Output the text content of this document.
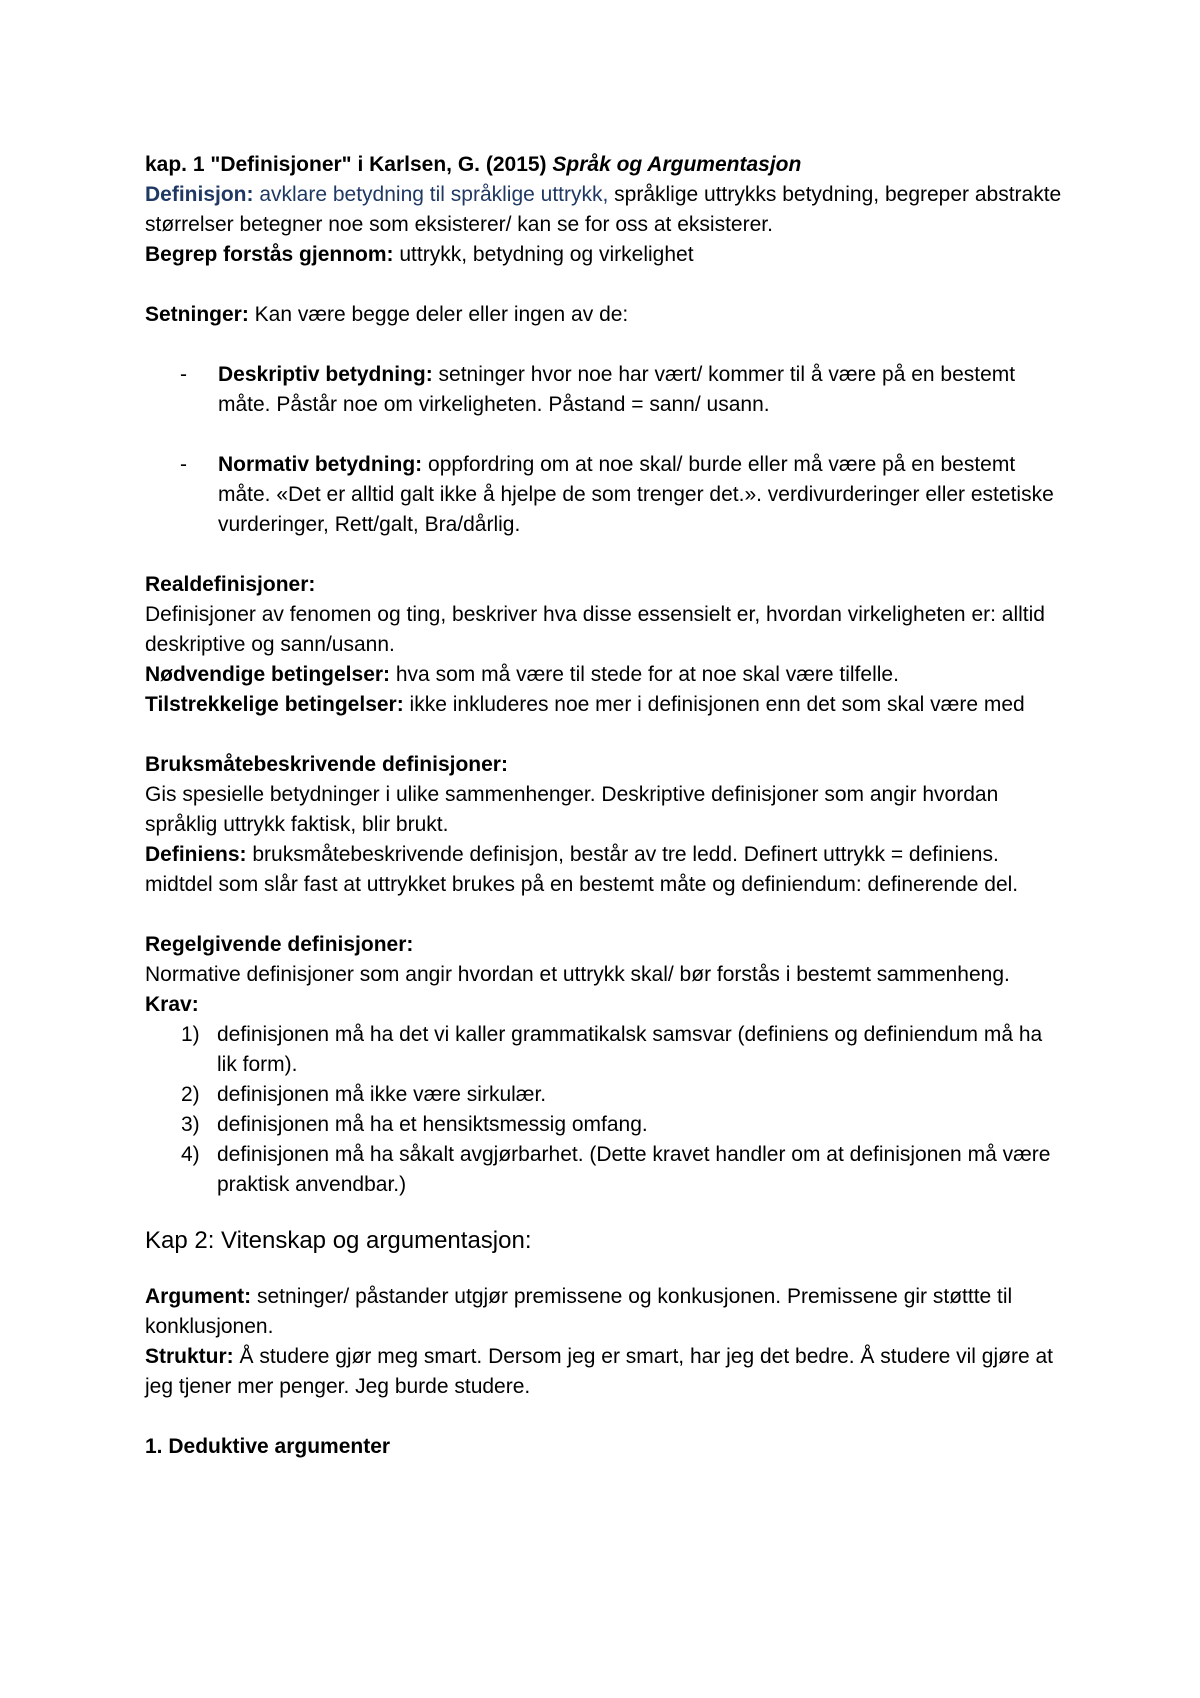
kap. 1 "Definisjoner" i Karlsen, G. (2015) Språk og Argumentasjon

Definisjon: avklare betydning til språklige uttrykk, språklige uttrykks betydning, begreper abstrakte størrelser betegner noe som eksisterer/ kan se for oss at eksisterer.

Begrep forstås gjennom: uttrykk, betydning og virkelighet

Setninger: Kan være begge deler eller ingen av de:

-	Deskriptiv betydning: setninger hvor noe har vært/ kommer til å være på en bestemt måte. Påstår noe om virkeligheten. Påstand = sann/ usann.
-	Normativ betydning: oppfordring om at noe skal/ burde eller må være på en bestemt måte. «Det er alltid galt ikke å hjelpe de som trenger det.». verdivurderinger eller estetiske vurderinger, Rett/galt, Bra/dårlig.

Realdefinisjoner:

Definisjoner av fenomen og ting, beskriver hva disse essensielt er, hvordan virkeligheten er: alltid deskriptive og sann/usann.

Nødvendige betingelser: hva som må være til stede for at noe skal være tilfelle.

Tilstrekkelige betingelser: ikke inkluderes noe mer i definisjonen enn det som skal være med

Bruksmåtebeskrivende definisjoner:

Gis spesielle betydninger i ulike sammenhenger. Deskriptive definisjoner som angir hvordan språklig uttrykk faktisk, blir brukt.

Definiens: bruksmåtebeskrivende definisjon, består av tre ledd. Definert uttrykk = definiens. midtdel som slår fast at uttrykket brukes på en bestemt måte og definiendum: definerende del.

Regelgivende definisjoner:

Normative definisjoner som angir hvordan et uttrykk skal/ bør forstås i bestemt sammenheng.

Krav:

1) definisjonen må ha det vi kaller grammatikalsk samsvar (definiens og definiendum må ha lik form).
2) definisjonen må ikke være sirkulær.
3) definisjonen må ha et hensiktsmessig omfang.
4) definisjonen må ha såkalt avgjørbarhet. (Dette kravet handler om at definisjonen må være praktisk anvendbar.)

Kap 2: Vitenskap og argumentasjon:

Argument: setninger/ påstander utgjør premissene og konkusjonen. Premissene gir støttte til konklusjonen.

Struktur: Å studere gjør meg smart. Dersom jeg er smart, har jeg det bedre. Å studere vil gjøre at jeg tjener mer penger. Jeg burde studere.

1. Deduktive argumenter
